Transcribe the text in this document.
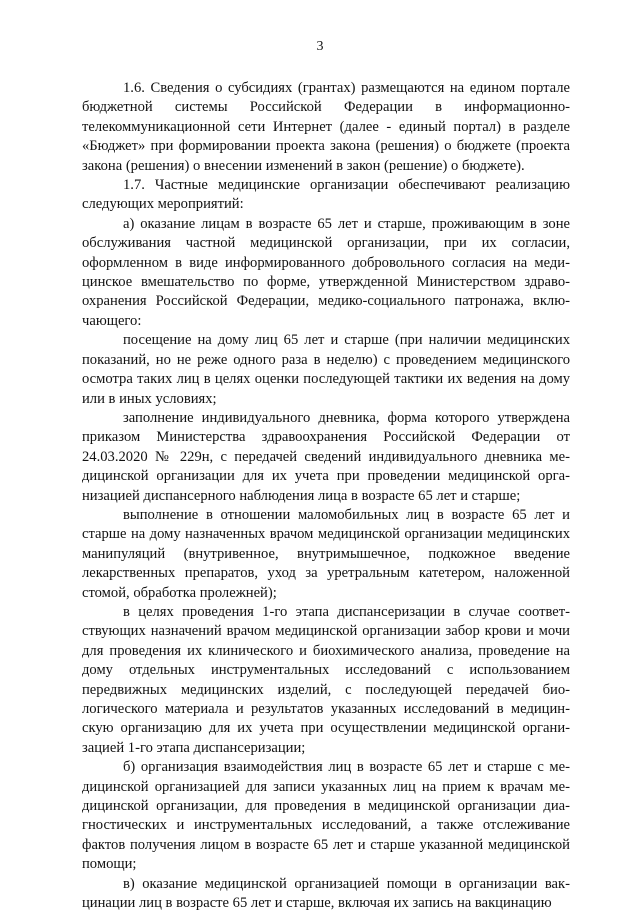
3

1.6. Сведения о субсидиях (грантах) размещаются на едином портале бюджетной системы Российской Федерации в информационно-телекоммуникационной сети Интернет (далее - единый портал) в разделе «Бюджет» при формировании проекта закона (решения) о бюджете (проекта закона (решения) о внесении изменений в закон (решение) о бюджете).

1.7. Частные медицинские организации обеспечивают реализацию следующих мероприятий:

а) оказание лицам в возрасте 65 лет и старше, проживающим в зоне обслуживания частной медицинской организации, при их согласии, оформленном в виде информированного добровольного согласия на медицинское вмешательство по форме, утвержденной Министерством здравоохранения Российской Федерации, медико-социального патронажа, включающего:

посещение на дому лиц 65 лет и старше (при наличии медицинских показаний, но не реже одного раза в неделю) с проведением медицинского осмотра таких лиц в целях оценки последующей тактики их ведения на дому или в иных условиях;

заполнение индивидуального дневника, форма которого утверждена приказом Министерства здравоохранения Российской Федерации от 24.03.2020 № 229н, с передачей сведений индивидуального дневника медицинской организации для их учета при проведении медицинской организацией диспансерного наблюдения лица в возрасте 65 лет и старше;

выполнение в отношении маломобильных лиц в возрасте 65 лет и старше на дому назначенных врачом медицинской организации медицинских манипуляций (внутривенное, внутримышечное, подкожное введение лекарственных препаратов, уход за уретральным катетером, наложенной стомой, обработка пролежней);

в целях проведения 1-го этапа диспансеризации в случае соответствующих назначений врачом медицинской организации забор крови и мочи для проведения их клинического и биохимического анализа, проведение на дому отдельных инструментальных исследований с использованием передвижных медицинских изделий, с последующей передачей биологического материала и результатов указанных исследований в медицинскую организацию для их учета при осуществлении медицинской организацией 1-го этапа диспансеризации;

б) организация взаимодействия лиц в возрасте 65 лет и старше с медицинской организацией для записи указанных лиц на прием к врачам медицинской организации, для проведения в медицинской организации диагностических и инструментальных исследований, а также отслеживание фактов получения лицом в возрасте 65 лет и старше указанной медицинской помощи;

в) оказание медицинской организацией помощи в организации вакцинации лиц в возрасте 65 лет и старше, включая их запись на вакцинацию
